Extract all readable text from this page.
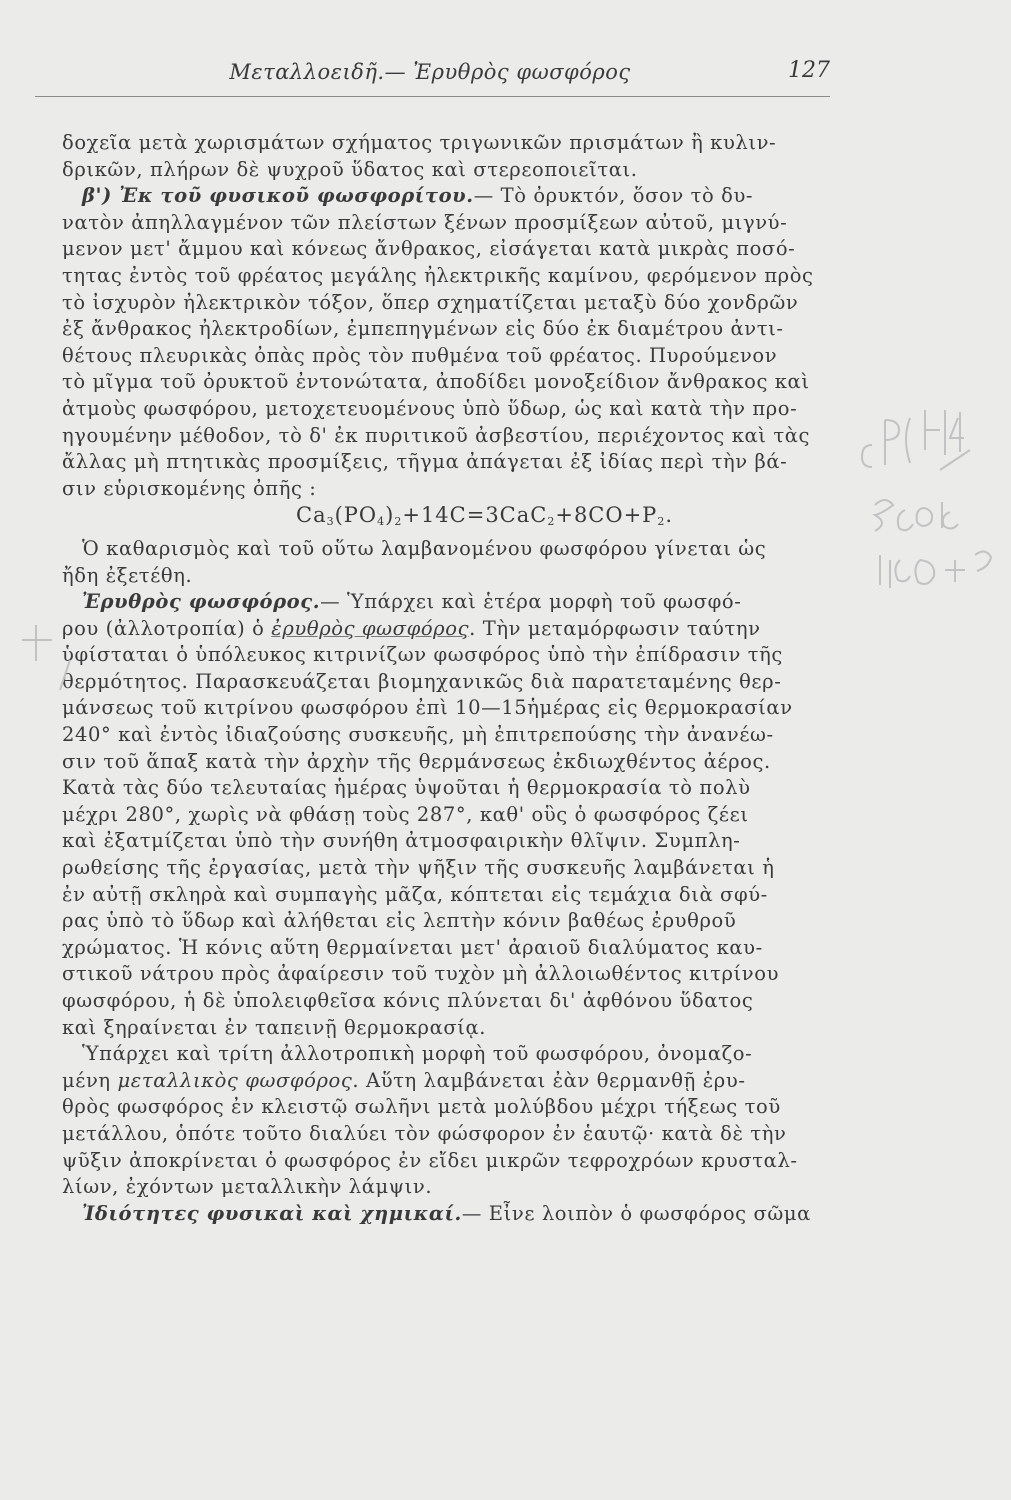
Μεταλλοειδῆ.— Ἐρυθρὸς φωσφόρος	127
δοχεῖα μετὰ χωρισμάτων σχήματος τριγωνικῶν πρισμάτων ἢ κυλιν-
δρικῶν, πλήρων δὲ ψυχροῦ ὕδατος καὶ στερεοποιεῖται.
β') Ἐκ τοῦ φυσικοῦ φωσφορίτου.— Τὸ ὀρυκτόν, ὅσον τὸ δυ-
νατὸν ἀπηλλαγμένον τῶν πλείστων ξένων προσμίξεων αὐτοῦ, μιγνύ-
μενον μετ' ἄμμου καὶ κόνεως ἄνθρακος, εἰσάγεται κατὰ μικρὰς ποσό-
τητας ἐντὸς τοῦ φρέατος μεγάλης ἠλεκτρικῆς καμίνου, φερόμενον πρὸς
τὸ ἰσχυρὸν ἠλεκτρικὸν τόξον, ὅπερ σχηματίζεται μεταξὺ δύο χονδρῶν
ἐξ ἄνθρακος ἠλεκτροδίων, ἐμπεπηγμένων εἰς δύο ἐκ διαμέτρου ἀντι-
θέτους πλευρικὰς ὀπὰς πρὸς τὸν πυθμένα τοῦ φρέατος. Πυρούμενον
τὸ μῖγμα τοῦ ὀρυκτοῦ ἐντονώτατα, ἀποδίδει μονοξείδιον ἄνθρακος καὶ
ἀτμοὺς φωσφόρου, μετοχετευομένους ὑπὸ ὕδωρ, ὡς καὶ κατὰ τὴν προ-
ηγουμένην μέθοδον, τὸ δ' ἐκ πυριτικοῦ ἀσβεστίου, περιέχοντος καὶ τὰς
ἄλλας μὴ πτητικὰς προσμίξεις, τῆγμα ἀπάγεται ἐξ ἰδίας περὶ τὴν βά-
σιν εὑρισκομένης ὀπῆς :
$Ca_3(PO_4)_2+14C=3CaC_2+8CO+P_2$.
Ὁ καθαρισμὸς καὶ τοῦ οὕτω λαμβανομένου φωσφόρου γίνεται ὡς
ἤδη ἐξετέθη.
Ἐρυθρὸς φωσφόρος.— Ὑπάρχει καὶ ἑτέρα μορφὴ τοῦ φωσφό-
ρου (ἀλλοτροπία) ὁ ἐρυθρὸς φωσφόρος. Τὴν μεταμόρφωσιν ταύτην
ὑφίσταται ὁ ὑπόλευκος κιτρινίζων φωσφόρος ὑπὸ τὴν ἐπίδρασιν τῆς
θερμότητος. Παρασκευάζεται βιομηχανικῶς διὰ παρατεταμένης θερ-
μάνσεως τοῦ κιτρίνου φωσφόρου ἐπὶ 10—15ἡμέρας εἰς θερμοκρασίαν
240° καὶ ἐντὸς ἰδιαζούσης συσκευῆς, μὴ ἐπιτρεπούσης τὴν ἀνανέω-
σιν τοῦ ἅπαξ κατὰ τὴν ἀρχὴν τῆς θερμάνσεως ἐκδιωχθέντος ἀέρος.
Κατὰ τὰς δύο τελευταίας ἡμέρας ὑψοῦται ἡ θερμοκρασία τὸ πολὺ
μέχρι 280°, χωρὶς νὰ φθάσῃ τοὺς 287°, καθ' οὓς ὁ φωσφόρος ζέει
καὶ ἐξατμίζεται ὑπὸ τὴν συνήθη ἀτμοσφαιρικὴν θλῖψιν. Συμπλη-
ρωθείσης τῆς ἐργασίας, μετὰ τὴν ψῆξιν τῆς συσκευῆς λαμβάνεται ἡ
ἐν αὐτῇ σκληρὰ καὶ συμπαγὴς μᾶζα, κόπτεται εἰς τεμάχια διὰ σφύ-
ρας ὑπὸ τὸ ὕδωρ καὶ ἀλήθεται εἰς λεπτὴν κόνιν βαθέως ἐρυθροῦ
χρώματος. Ἡ κόνις αὕτη θερμαίνεται μετ' ἀραιοῦ διαλύματος καυ-
στικοῦ νάτρου πρὸς ἀφαίρεσιν τοῦ τυχὸν μὴ ἀλλοιωθέντος κιτρίνου
φωσφόρου, ἡ δὲ ὑπολειφθεῖσα κόνις πλύνεται δι' ἀφθόνου ὕδατος
καὶ ξηραίνεται ἐν ταπεινῇ θερμοκρασίᾳ.
Ὑπάρχει καὶ τρίτη ἀλλοτροπικὴ μορφὴ τοῦ φωσφόρου, ὀνομαζο-
μένη μεταλλικὸς φωσφόρος. Αὕτη λαμβάνεται ἐὰν θερμανθῇ ἐρυ-
θρὸς φωσφόρος ἐν κλειστῷ σωλῆνι μετὰ μολύβδου μέχρι τήξεως τοῦ
μετάλλου, ὁπότε τοῦτο διαλύει τὸν φώσφορον ἐν ἑαυτῷ· κατὰ δὲ τὴν
ψῦξιν ἀποκρίνεται ὁ φωσφόρος ἐν εἴδει μικρῶν τεφροχρόων κρυσταλ-
λίων, ἐχόντων μεταλλικὴν λάμψιν.
Ἰδιότητες φυσικαὶ καὶ χημικαί.— Εἶνε λοιπὸν ὁ φωσφόρος σῶμα
